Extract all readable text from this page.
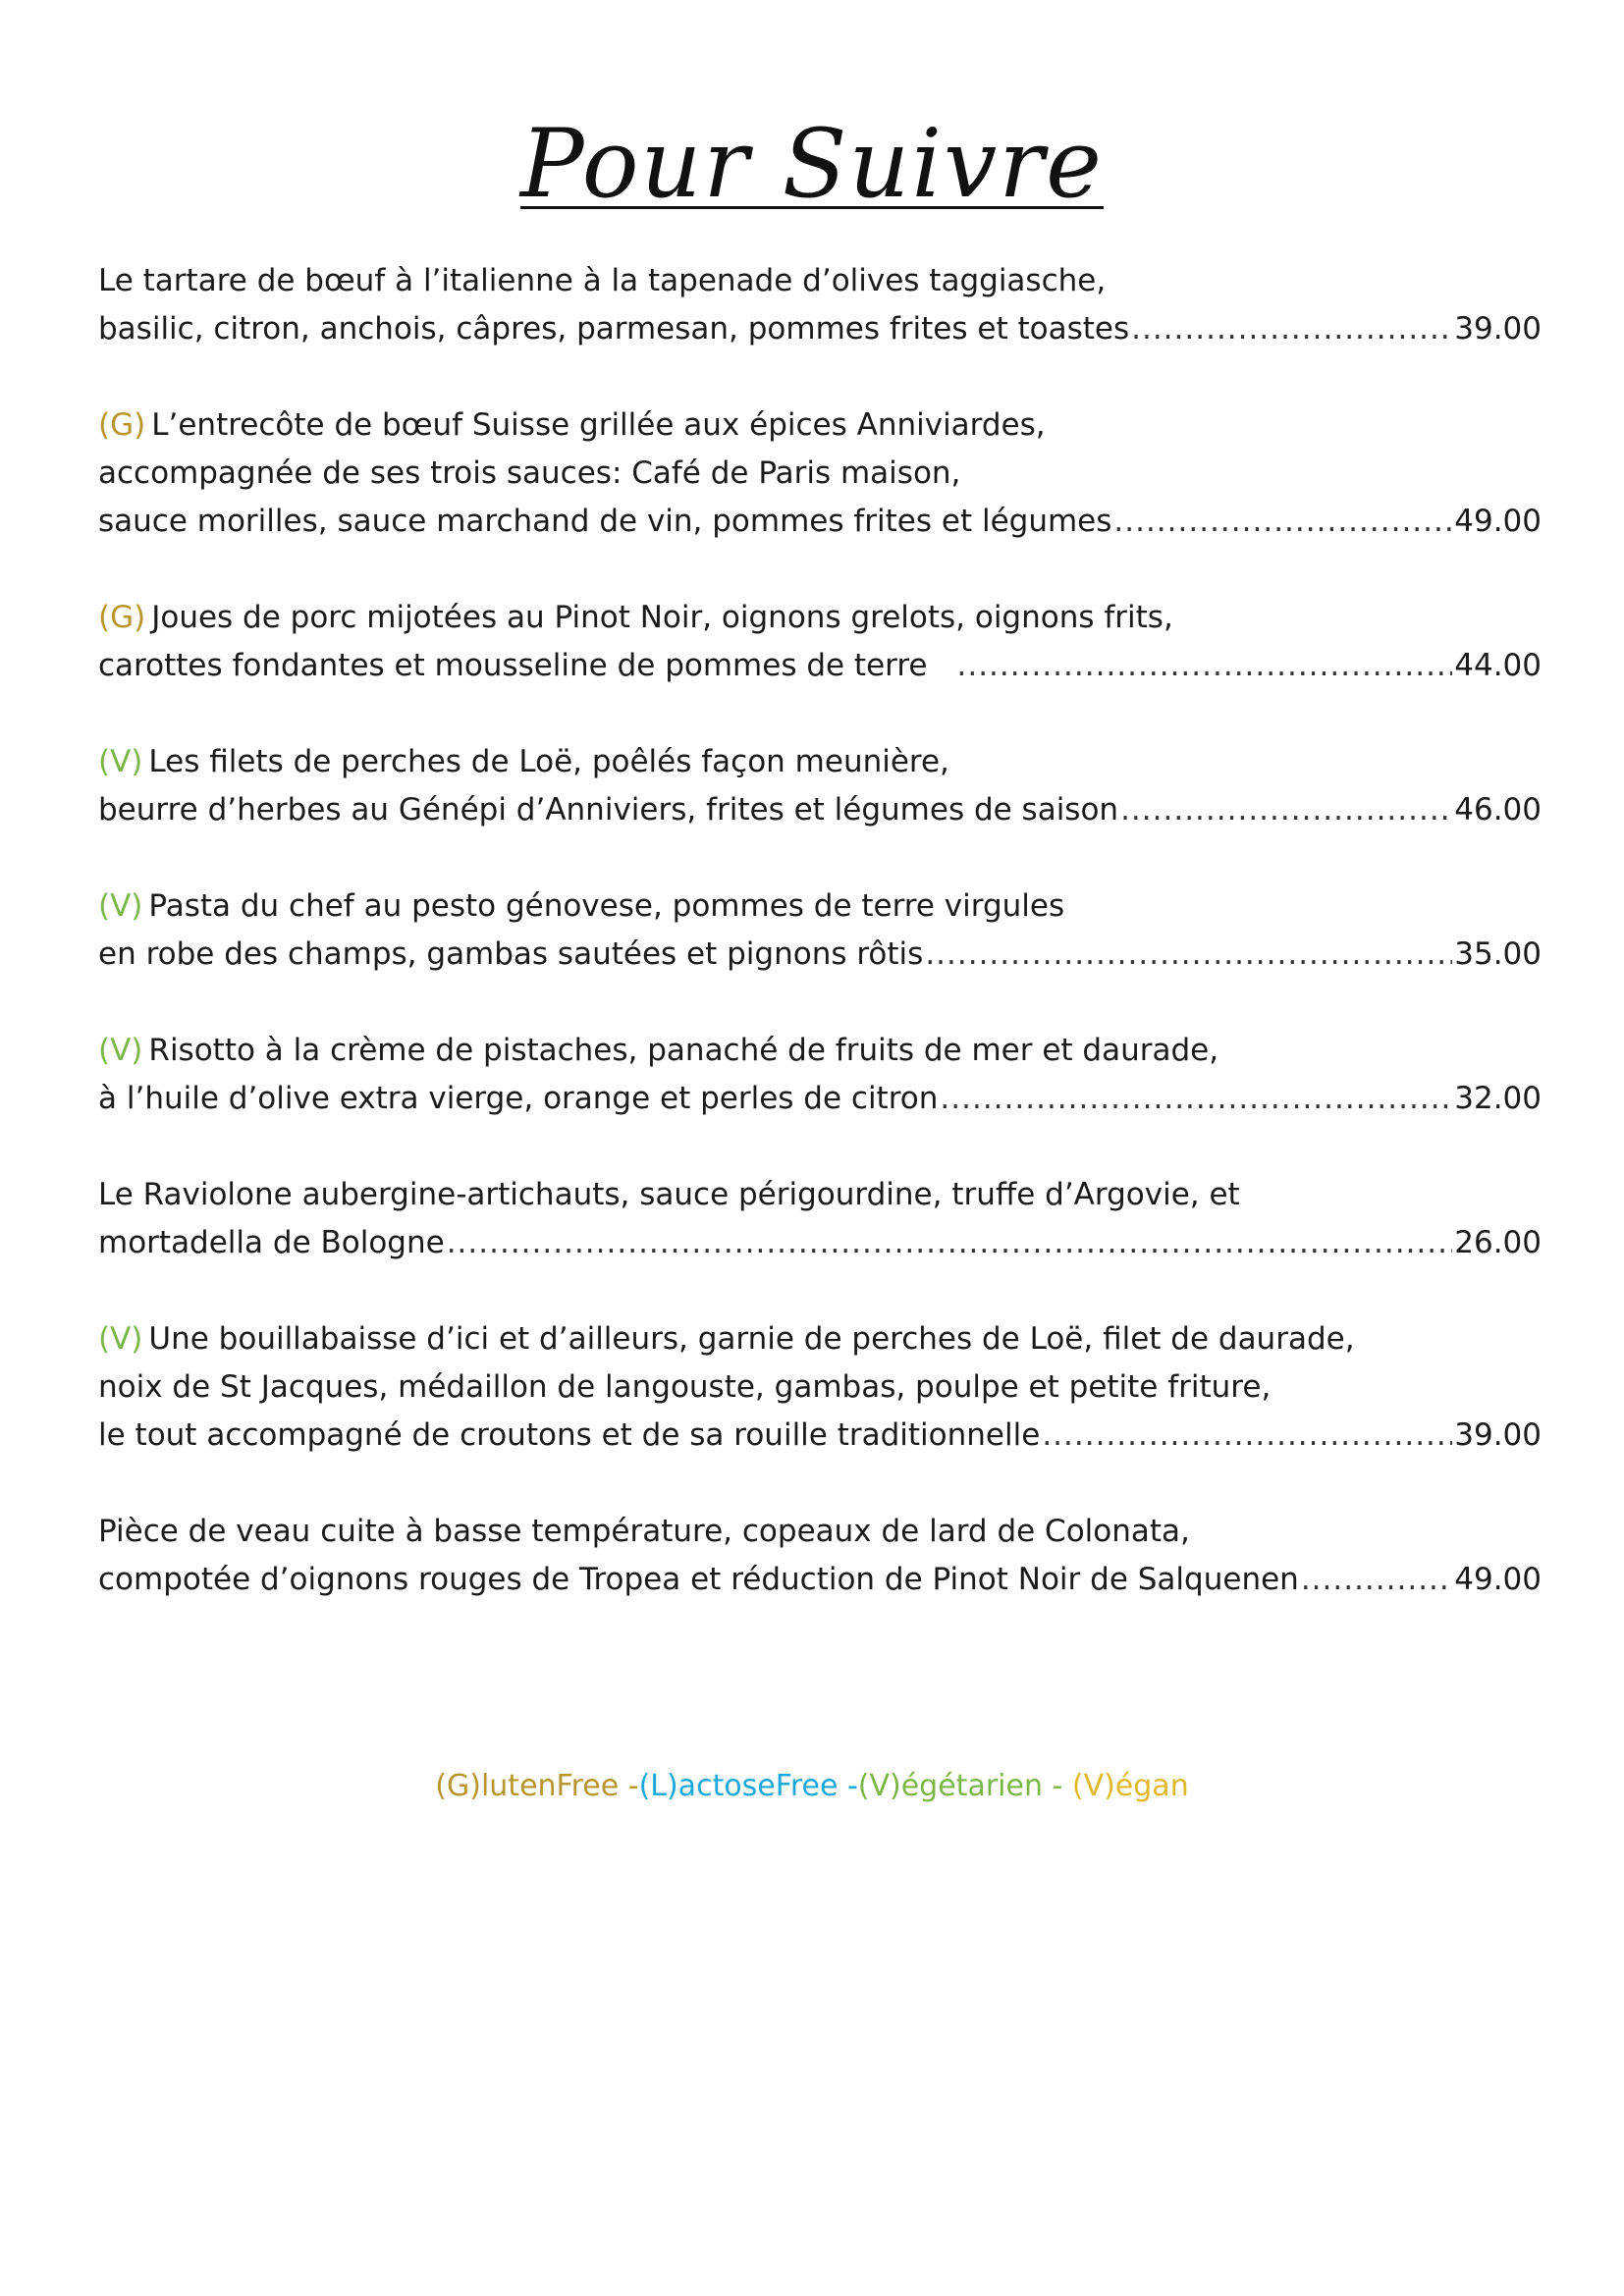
Pour Suivre
Le tartare de bœuf à l’italienne à la tapenade d’olives taggiasche,
basilic, citron, anchois, câpres, parmesan, pommes frites et toastes .....	39.00
(G) L’entrecôte de bœuf Suisse grillée aux épices Anniviardes,
accompagnée de ses trois sauces: Café de Paris maison,
sauce morilles, sauce marchand de vin, pommes frites et légumes .....	49.00
(G) Joues de porc mijotées au Pinot Noir, oignons grelots, oignons frits,
carottes fondantes et mousseline de pommes de terre .....	44.00
(V) Les filets de perches de Loë, poêlés façon meunière,
beurre d’herbes au Génépi d’Anniviers, frites et légumes de saison .....	46.00
(V) Pasta du chef au pesto génovese, pommes de terre virgules
en robe des champs, gambas sautées et pignons rôtis .....	35.00
(V) Risotto à la crème de pistaches, panaché de fruits de mer et daurade,
à l’huile d’olive extra vierge, orange et perles de citron .....	32.00
Le Raviolone aubergine-artichauts, sauce périgourdine, truffe d’Argovie, et
mortadella de Bologne .....	26.00
(V) Une bouillabaisse d’ici et d’ailleurs, garnie de perches de Loë, filet de daurade,
noix de St Jacques, médaillon de langouste, gambas, poulpe et petite friture,
le tout accompagné de croutons et de sa rouille traditionnelle .....	39.00
Pièce de veau cuite à basse température, copeaux de lard de Colonata,
compotée d’oignons rouges de Tropea et réduction de Pinot Noir de Salquenen .....	49.00
(G)lutenFree -(L)actoseFree -(V)égétarien - (V)égan
